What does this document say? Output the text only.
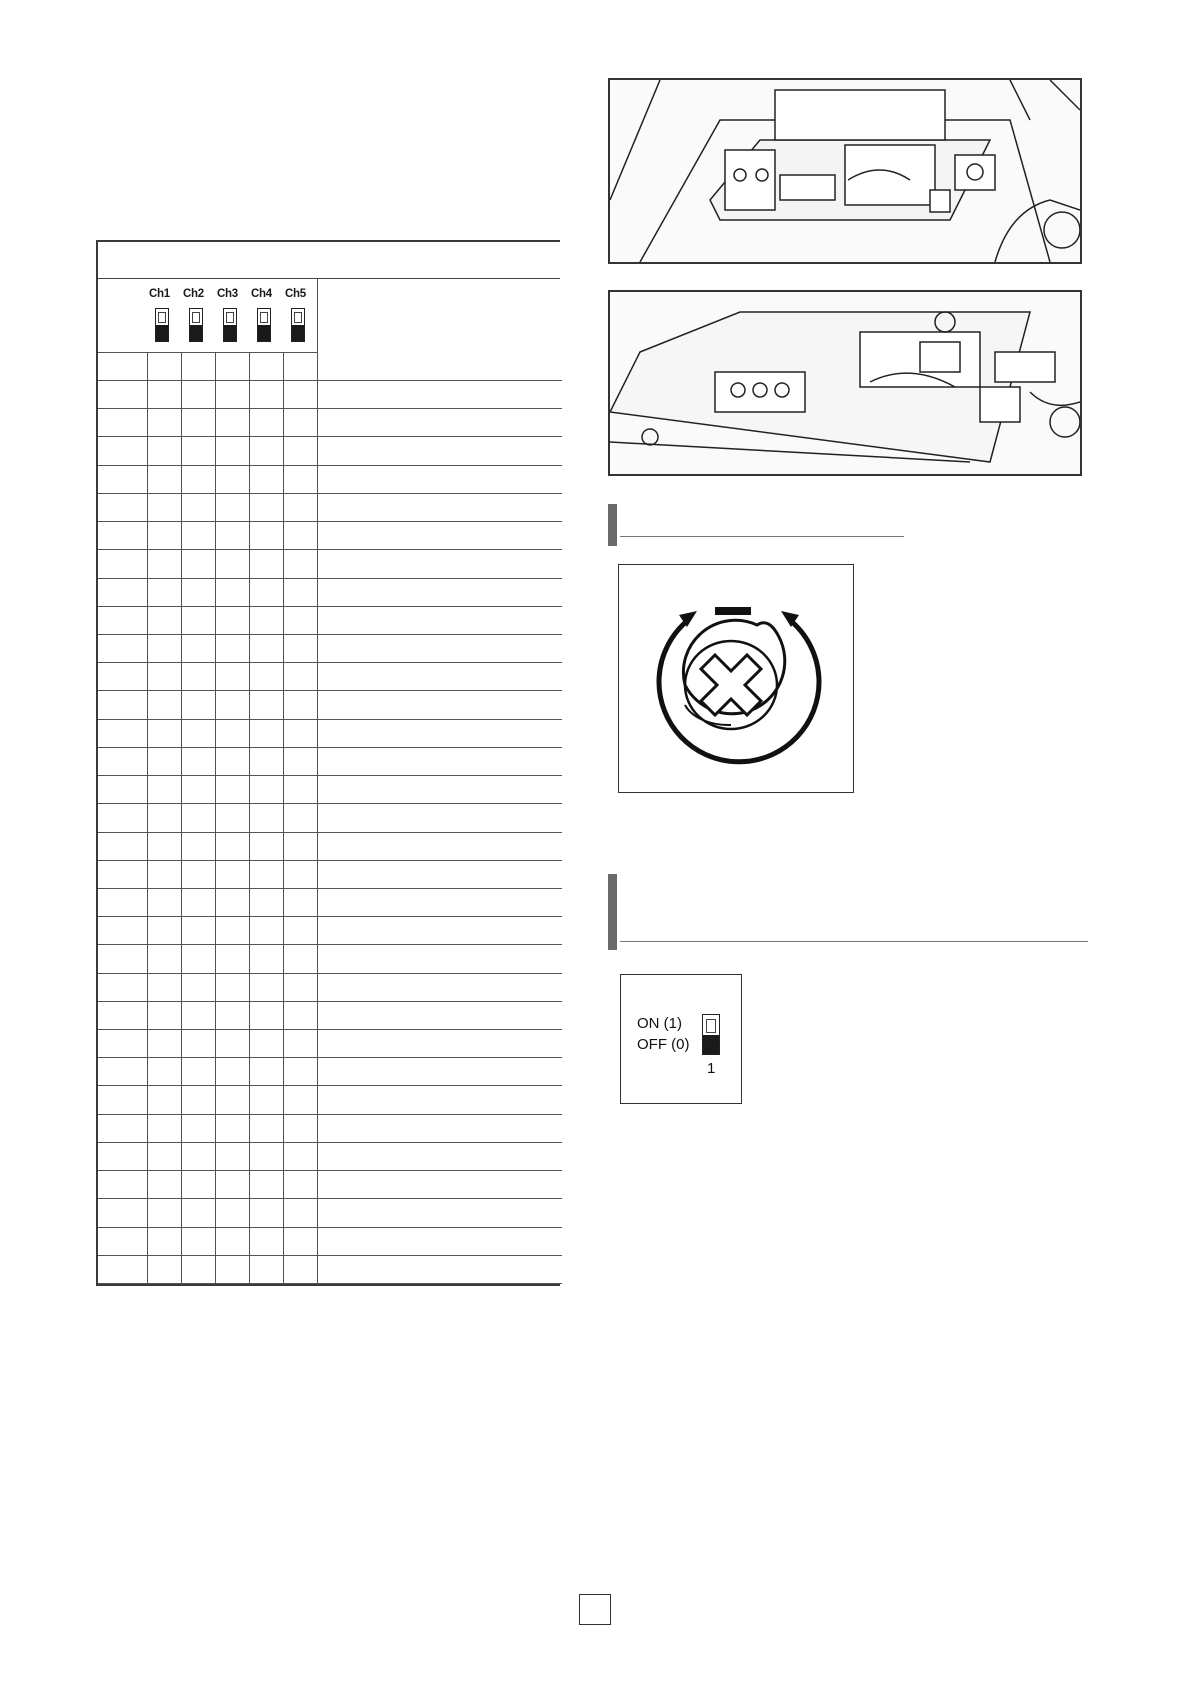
Ch1 Ch2 Ch3 Ch4 Ch5
ON (1)
OFF (0)
1
